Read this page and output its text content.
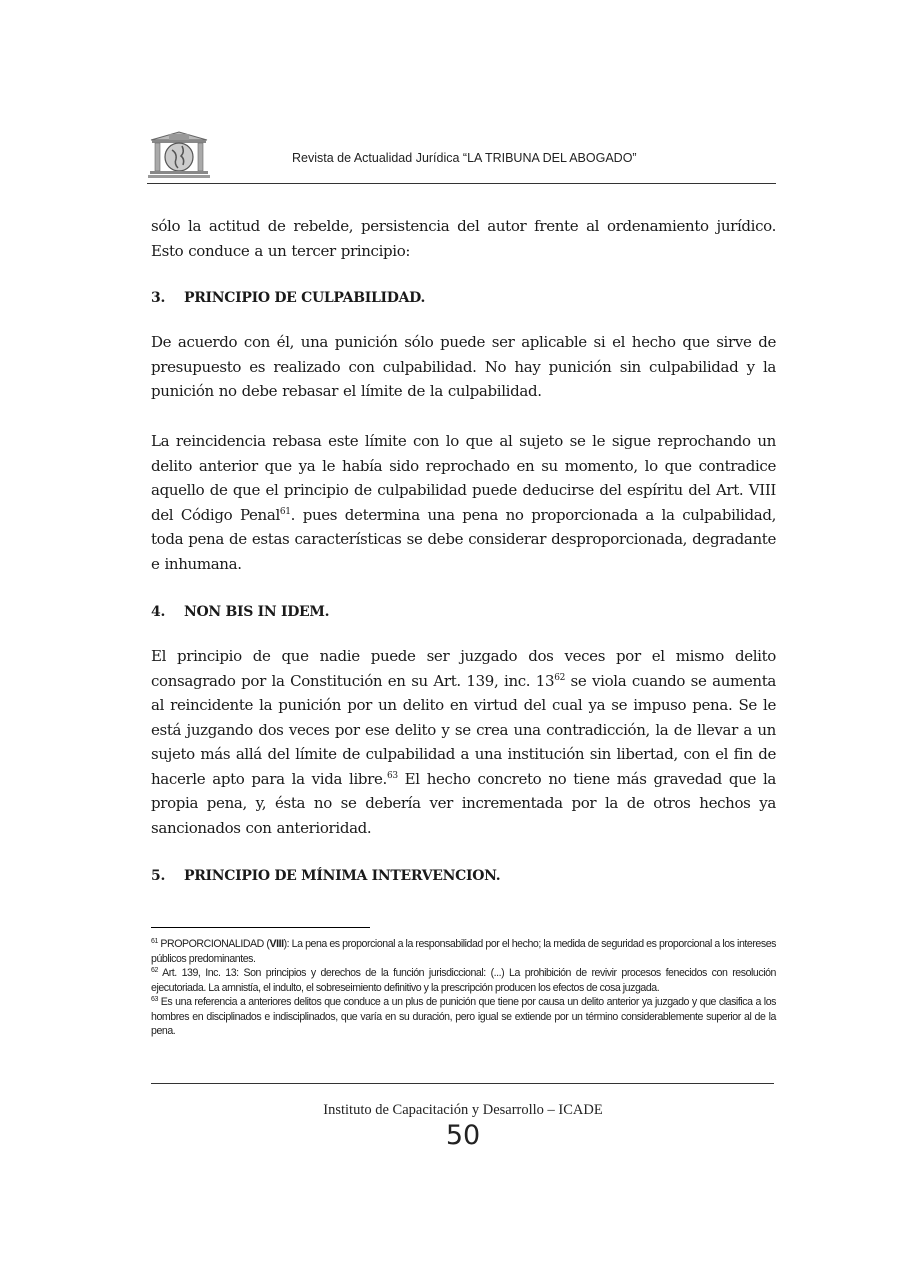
Revista de Actualidad Jurídica “LA TRIBUNA DEL ABOGADO”

sólo la actitud de rebelde, persistencia del autor frente al ordenamiento jurídico. Esto conduce a un tercer principio:

3. PRINCIPIO DE CULPABILIDAD.

De acuerdo con él, una punición sólo puede ser aplicable si el hecho que sirve de presupuesto es realizado con culpabilidad. No hay punición sin culpabilidad y la punición no debe rebasar el límite de la culpabilidad.

La reincidencia rebasa este límite con lo que al sujeto se le sigue reprochando un delito anterior que ya le había sido reprochado en su momento, lo que contradice aquello de que el principio de culpabilidad puede deducirse del espíritu del Art. VIII del Código Penal$^{61}$. pues determina una pena no proporcionada a la culpabilidad, toda pena de estas características se debe considerar desproporcionada, degradante e inhumana.

4. NON BIS IN IDEM.

El principio de que nadie puede ser juzgado dos veces por el mismo delito consagrado por la Constitución en su Art. 139, inc. $13^{62}$ se viola cuando se aumenta al reincidente la punición por un delito en virtud del cual ya se impuso pena. Se le está juzgando dos veces por ese delito y se crea una contradicción, la de llevar a un sujeto más allá del límite de culpabilidad a una institución sin libertad, con el fin de hacerle apto para la vida libre.$^{63}$ El hecho concreto no tiene más gravedad que la propia pena, y, ésta no se debería ver incrementada por la de otros hechos ya sancionados con anterioridad.

5. PRINCIPIO DE MÍNIMA INTERVENCION.

$^{61}$ PROPORCIONALIDAD (VIII): La pena es proporcional a la responsabilidad por el hecho; la medida de seguridad es proporcional a los intereses públicos predominantes.

$^{62}$ Art. 139, Inc. 13: Son principios y derechos de la función jurisdiccional: (...) La prohibición de revivir procesos fenecidos con resolución ejecutoriada. La amnistía, el indulto, el sobreseimiento definitivo y la prescripción producen los efectos de cosa juzgada.

$^{63}$ Es una referencia a anteriores delitos que conduce a un plus de punición que tiene por causa un delito anterior ya juzgado y que clasifica a los hombres en disciplinados e indisciplinados, que varía en su duración, pero igual se extiende por un término considerablemente superior al de la pena.

Instituto de Capacitación y Desarrollo – ICADE
50
